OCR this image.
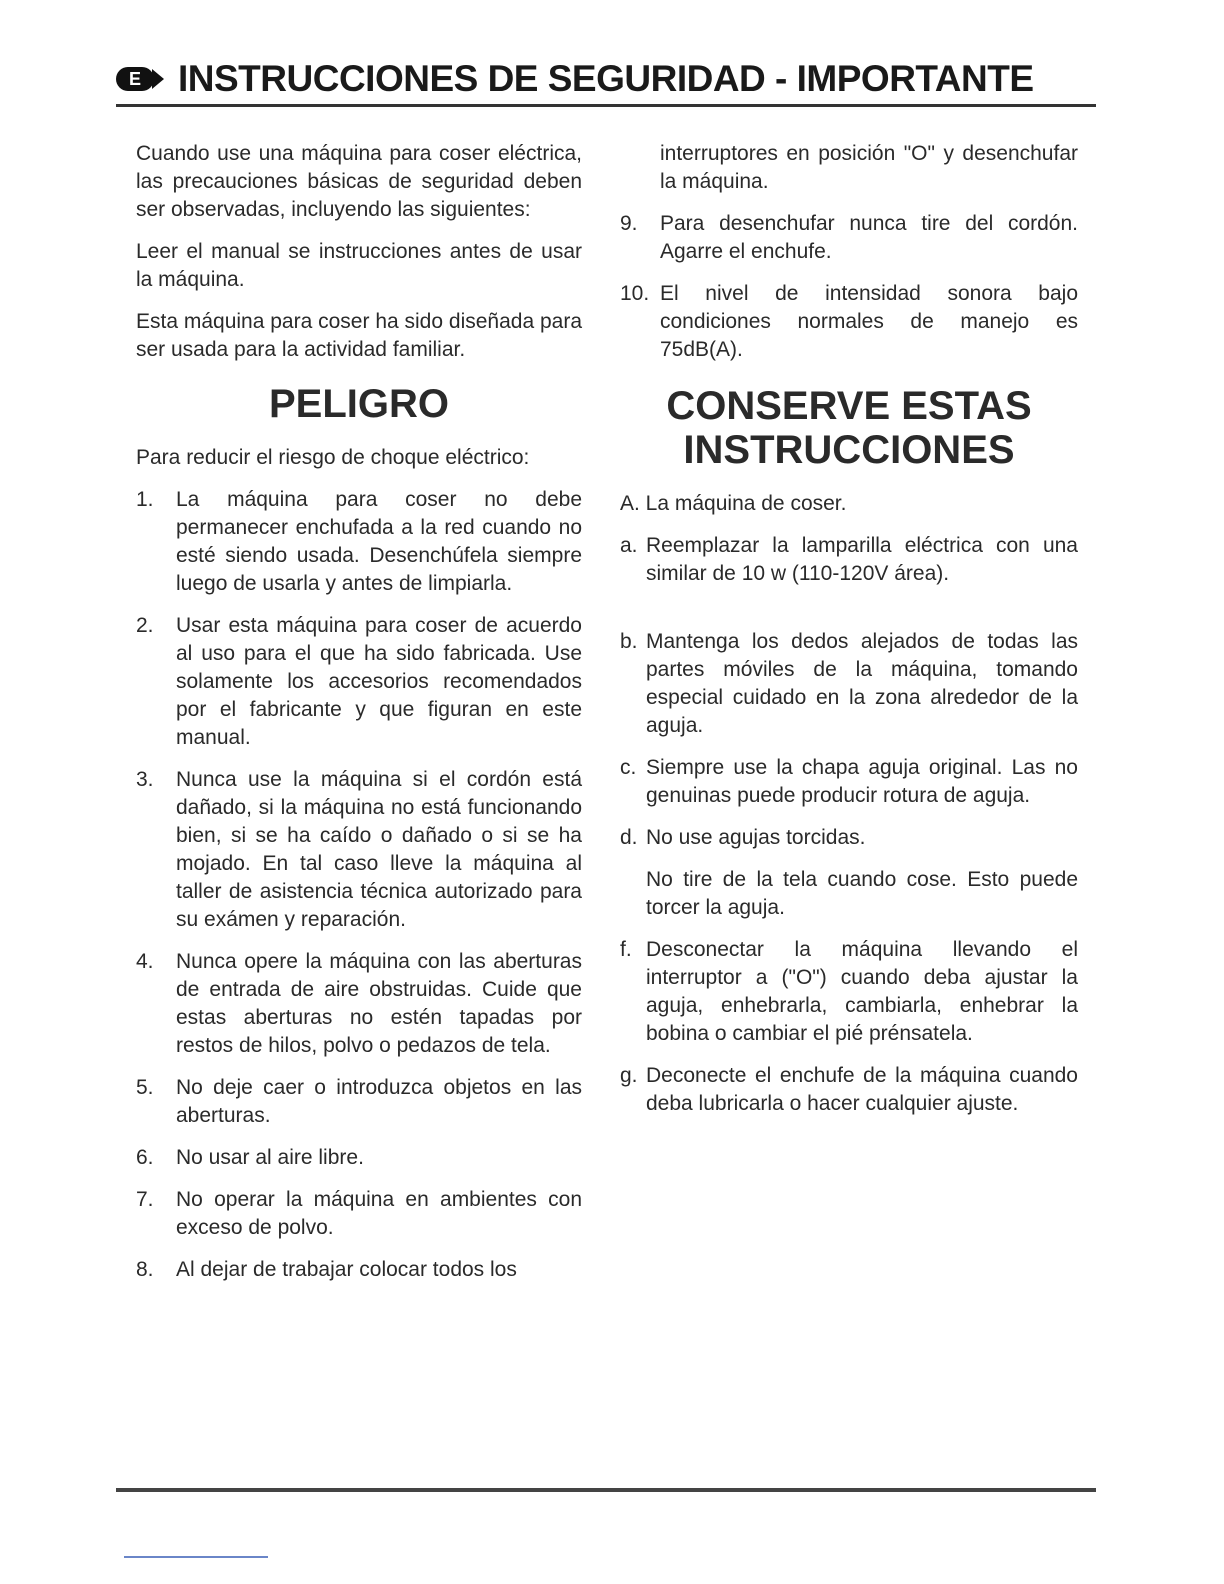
E	INSTRUCCIONES DE SEGURIDAD - IMPORTANTE

Cuando use una máquina para coser eléctrica, las precauciones básicas de seguridad deben ser observadas, incluyendo las siguientes:

Leer el manual se instrucciones antes de usar la máquina.

Esta máquina para coser ha sido diseñada para ser usada para la actividad familiar.

PELIGRO

Para reducir el riesgo de choque eléctrico:

1.	La máquina para coser no debe permanecer enchufada a la red cuando no esté siendo usada. Desenchúfela siempre luego de usarla y antes de limpiarla.
2.	Usar esta máquina para coser de acuerdo al uso para el que ha sido fabricada. Use solamente los accesorios recomendados por el fabricante y que figuran en este manual.
3.	Nunca use la máquina si el cordón está dañado, si la máquina no está funcionando bien, si se ha caído o dañado o si se ha mojado. En tal caso lleve la máquina al taller de asistencia técnica autorizado para su exámen y reparación.
4.	Nunca opere la máquina con las aberturas de entrada de aire obstruidas. Cuide que estas aberturas no estén tapadas por restos de hilos, polvo o pedazos de tela.
5.	No deje caer o introduzca objetos en las aberturas.
6.	No usar al aire libre.
7.	No operar la máquina en ambientes con exceso de polvo.
8.	Al dejar de trabajar colocar todos los

interruptores en posición "O" y desenchufar la máquina.

9.	Para desenchufar nunca tire del cordón. Agarre el enchufe.
10. El nivel de intensidad sonora bajo condiciones normales de manejo es 75dB(A).
CONSERVE ESTAS
INSTRUCCIONES

A. La máquina de coser.

a. Reemplazar la lamparilla eléctrica con una similar de 10 w (110-120V área).
b. Mantenga los dedos alejados de todas las partes móviles de la máquina, tomando especial cuidado en la zona alrededor de la aguja.
c. Siempre use la chapa aguja original. Las no genuinas puede producir rotura de aguja.
d. No use agujas torcidas.

No tire de la tela cuando cose. Esto puede torcer la aguja.

f. Desconectar la máquina llevando el interruptor a ("O") cuando deba ajustar la aguja, enhebrarla, cambiarla, enhebrar la bobina o cambiar el pié prénsatela.
g. Deconecte el enchufe de la máquina cuando deba lubricarla o hacer cualquier ajuste.
